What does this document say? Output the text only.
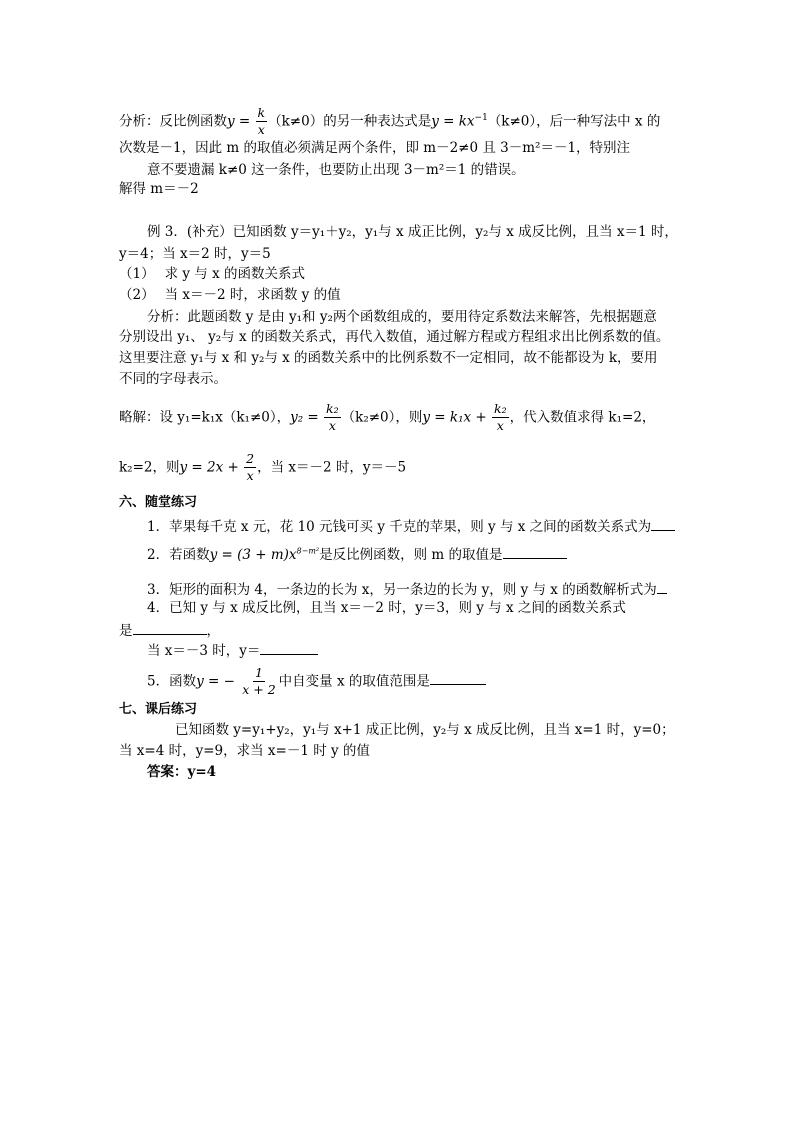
分析：反比例函数$y = \frac{k}{x} (k\ne 0)$的另一种表达式是$y = kx^{-1}(k\ne 0)$，后一种写法中 x 的
次数是－1，因此 m 的取值必须满足两个条件，即 m－2≠0 且 3－m²＝－1，特别注
意不要遗漏 k≠0 这一条件，也要防止出现 3－m²＝1 的错误。
解得 m＝－2
例 3．(补充）已知函数 y＝y₁＋y₂，y₁与 x 成正比例，y₂与 x 成反比例，且当 x＝1 时，
y＝4；当 x＝2 时，y＝5
（1） 求 y 与 x 的函数关系式
（2） 当 x＝－2 时，求函数 y 的值
分析：此题函数 y 是由 y₁和 y₂两个函数组成的，要用待定系数法来解答，先根据题意
分别设出 y₁、 y₂与 x 的函数关系式，再代入数值，通过解方程或方程组求出比例系数的值。
这里要注意 y₁与 x 和 y₂与 x 的函数关系中的比例系数不一定相同，故不能都设为 k，要用
不同的字母表示。
略解：设 y₁=k₁x（k₁≠0），$y_2 = \frac{\text{k₂}}{x} (k_2\ne 0)$，则$y = k_1x + \frac{\text{k₂}}{x}$ ，代入数值求得 k₁=2，
k₂=2，则$y = 2x + \frac{2}{x}$ ，当 x＝－2 时，y＝－5
六、随堂练习
1．苹果每千克 x 元，花 10 元钱可买 y 千克的苹果，则 y 与 x 之间的函数关系式为
2．若函数$y = (3 + m)x^{8-m^2}$是反比例函数，则 m 的取值是
3．矩形的面积为 4，一条边的长为 x，另一条边的长为 y，则 y 与 x 的函数解析式为
4．已知 y 与 x 成反比例，且当 x＝－2 时，y＝3，则 y 与 x 之间的函数关系式
是	，
当 x＝－3 时，y＝
5．函数y = − $\frac{1}{x + 2}$ 中自变量 x 的取值范围是
七、课后练习
已知函数 y=y₁+y₂，y₁与 x+1 成正比例，y₂与 x 成反比例，且当 x=1 时，y=0；
当 x=4 时，y=9，求当 x=－1 时 y 的值
答案：y=4
